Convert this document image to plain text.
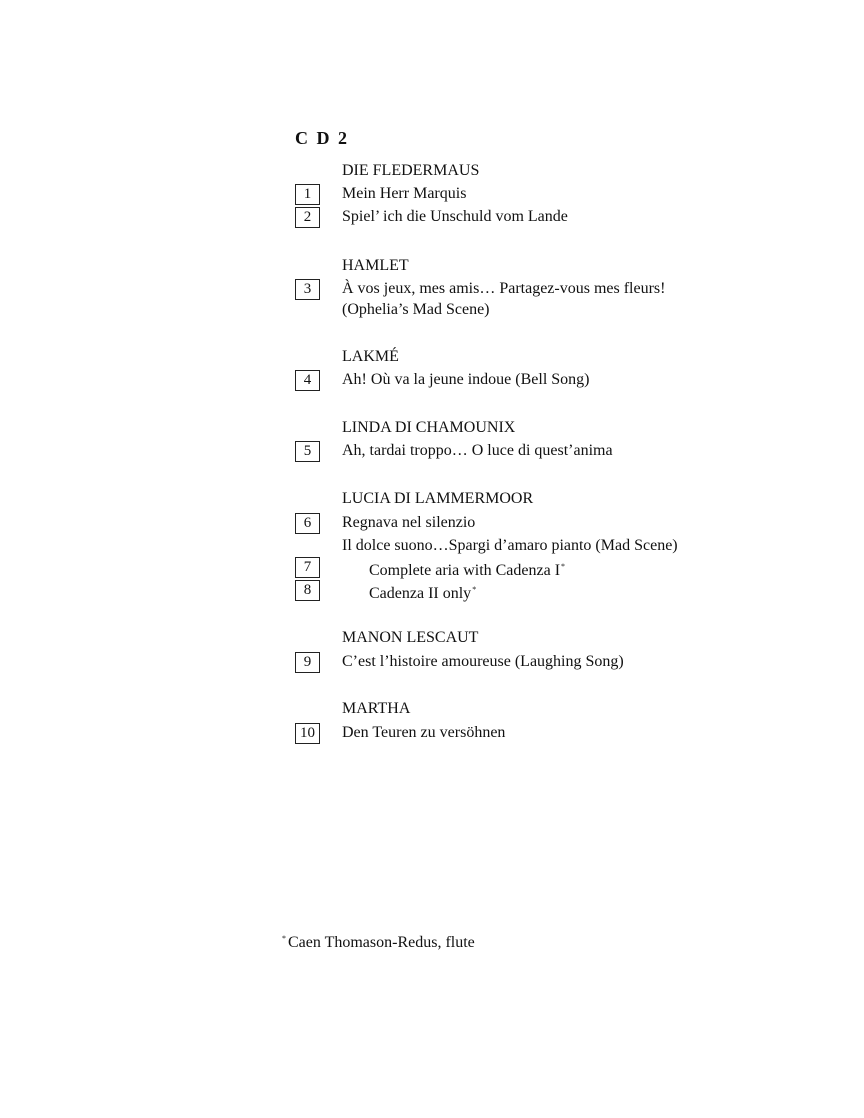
C D 2
DIE FLEDERMAUS
1	Mein Herr Marquis
2	Spiel’ ich die Unschuld vom Lande
HAMLET
3	À vos jeux, mes amis… Partagez-vous mes fleurs!
(Ophelia’s Mad Scene)
LAKMÉ
4	Ah! Où va la jeune indoue (Bell Song)
LINDA DI CHAMOUNIX
5	Ah, tardai troppo… O luce di quest’anima
LUCIA DI LAMMERMOOR
6	Regnava nel silenzio
Il dolce suono…Spargi d’amaro pianto (Mad Scene)
7	Complete aria with Cadenza I*
8	Cadenza II only*
MANON LESCAUT
9	C’est l’histoire amoureuse (Laughing Song)
MARTHA
10	Den Teuren zu versöhnen
* Caen Thomason-Redus, flute
